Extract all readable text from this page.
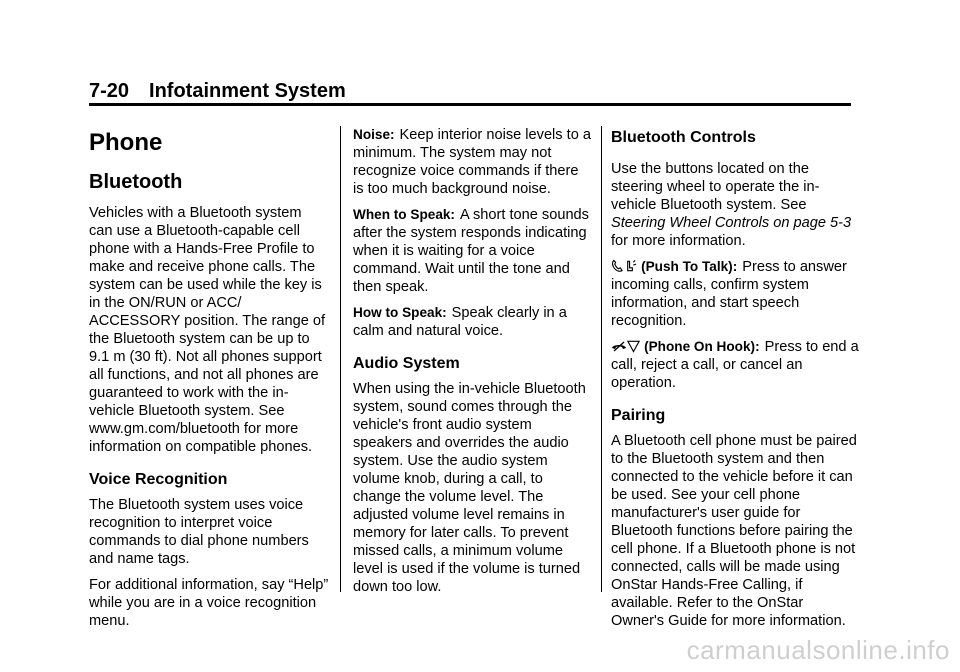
7-20 Infotainment System
Phone
Bluetooth

Vehicles with a Bluetooth system can use a Bluetooth-capable cell phone with a Hands-Free Profile to make and receive phone calls. The system can be used while the key is in the ON/RUN or ACC/ ACCESSORY position. The range of the Bluetooth system can be up to 9.1 m (30 ft). Not all phones support all functions, and not all phones are guaranteed to work with the in-vehicle Bluetooth system. See www.gm.com/bluetooth for more information on compatible phones.

Voice Recognition

The Bluetooth system uses voice recognition to interpret voice commands to dial phone numbers and name tags.

For additional information, say “Help” while you are in a voice recognition menu.

Noise: Keep interior noise levels to a minimum. The system may not recognize voice commands if there is too much background noise.

When to Speak: A short tone sounds after the system responds indicating when it is waiting for a voice command. Wait until the tone and then speak.

How to Speak: Speak clearly in a calm and natural voice.

Audio System

When using the in-vehicle Bluetooth system, sound comes through the vehicle's front audio system speakers and overrides the audio system. Use the audio system volume knob, during a call, to change the volume level. The adjusted volume level remains in memory for later calls. To prevent missed calls, a minimum volume level is used if the volume is turned down too low.

Bluetooth Controls

Use the buttons located on the steering wheel to operate the in-vehicle Bluetooth system. See Steering Wheel Controls on page 5-3 for more information.

(Push To Talk): Press to answer incoming calls, confirm system information, and start speech recognition.

(Phone On Hook): Press to end a call, reject a call, or cancel an operation.

Pairing

A Bluetooth cell phone must be paired to the Bluetooth system and then connected to the vehicle before it can be used. See your cell phone manufacturer's user guide for Bluetooth functions before pairing the cell phone. If a Bluetooth phone is not connected, calls will be made using OnStar Hands-Free Calling, if available. Refer to the OnStar Owner's Guide for more information.

carmanualsonline.info
